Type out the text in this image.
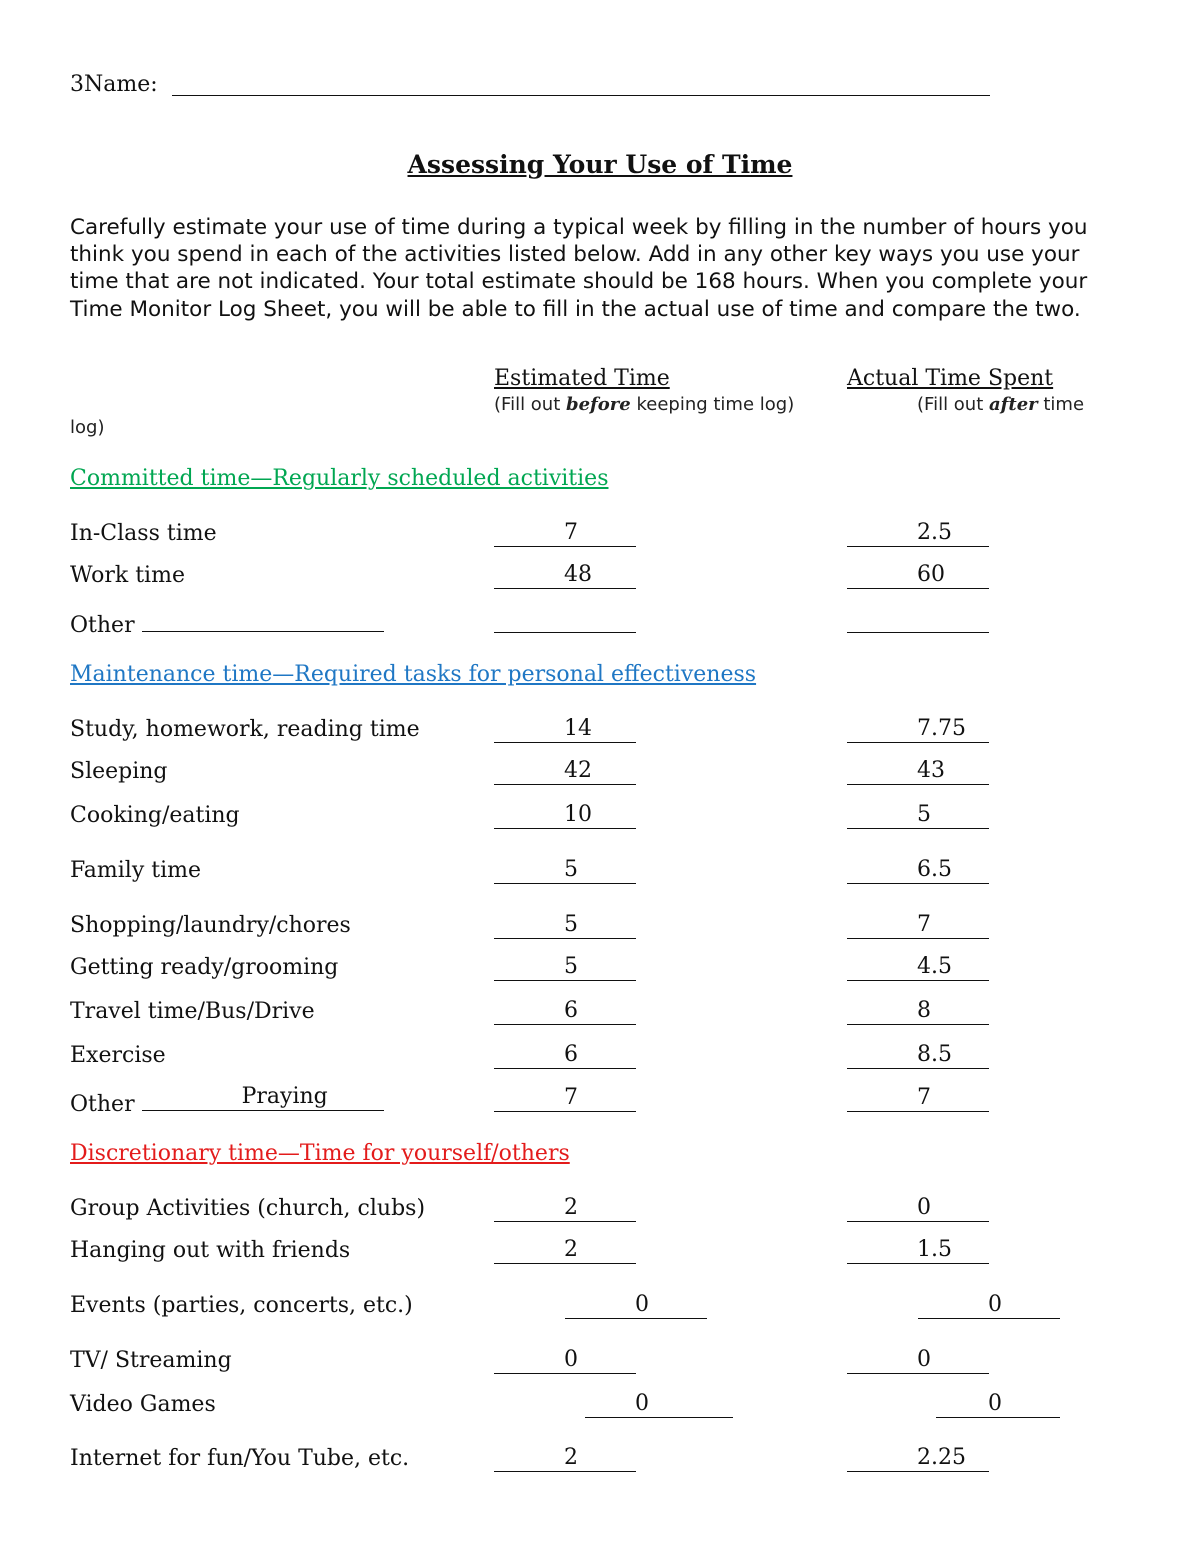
3Name:
Assessing Your Use of Time
Carefully estimate your use of time during a typical week by filling in the number of hours you think you spend in each of the activities listed below. Add in any other key ways you use your time that are not indicated. Your total estimate should be 168 hours. When you complete your Time Monitor Log Sheet, you will be able to fill in the actual use of time and compare the two.
Estimated Time	Actual Time Spent
(Fill out before keeping time log)	(Fill out after time
log)
Committed time—Regularly scheduled activities
In-Class time	7	2.5
Work time	48	60
Other
Maintenance time—Required tasks for personal effectiveness
Study, homework, reading time	14	7.75
Sleeping	42	43
Cooking/eating	10	5
Family time	5	6.5
Shopping/laundry/chores	5	7
Getting ready/grooming	5	4.5
Travel time/Bus/Drive	6	8
Exercise	6	8.5
Other	Praying	7	7
Discretionary time—Time for yourself/others
Group Activities (church, clubs)	2	0
Hanging out with friends	2	1.5
Events (parties, concerts, etc.)	0	0
TV/ Streaming	0	0
Video Games	0	0
Internet for fun/You Tube, etc.	2	2.25
